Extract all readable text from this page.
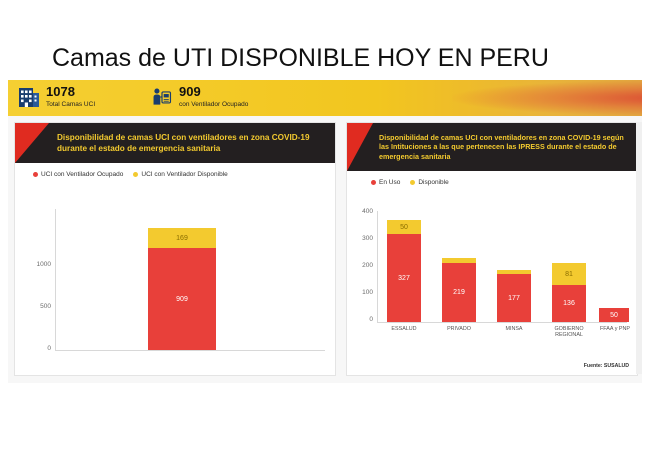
Camas de UTI DISPONIBLE HOY EN PERU
1078
Total Camas UCI
909
con Ventilador Ocupado
Disponibilidad de camas UCI con ventiladores en zona COVID-19 durante el estado de emergencia sanitaria
UCI con Ventilador Ocupado	UCI con Ventilador Disponible
1000
500
0
169
909
Disponibilidad de camas UCI con ventiladores en zona COVID-19 según las Intituciones a las que pertenecen las IPRESS durante el estado de emergencia sanitaria
En Uso	Disponible
400
300
200
100
0
50
327
ESSALUD
219
PRIVADO
177
MINSA
81
136
GOBIERNO REGIONAL
50
FFAA y PNP
Fuente: SUSALUD
